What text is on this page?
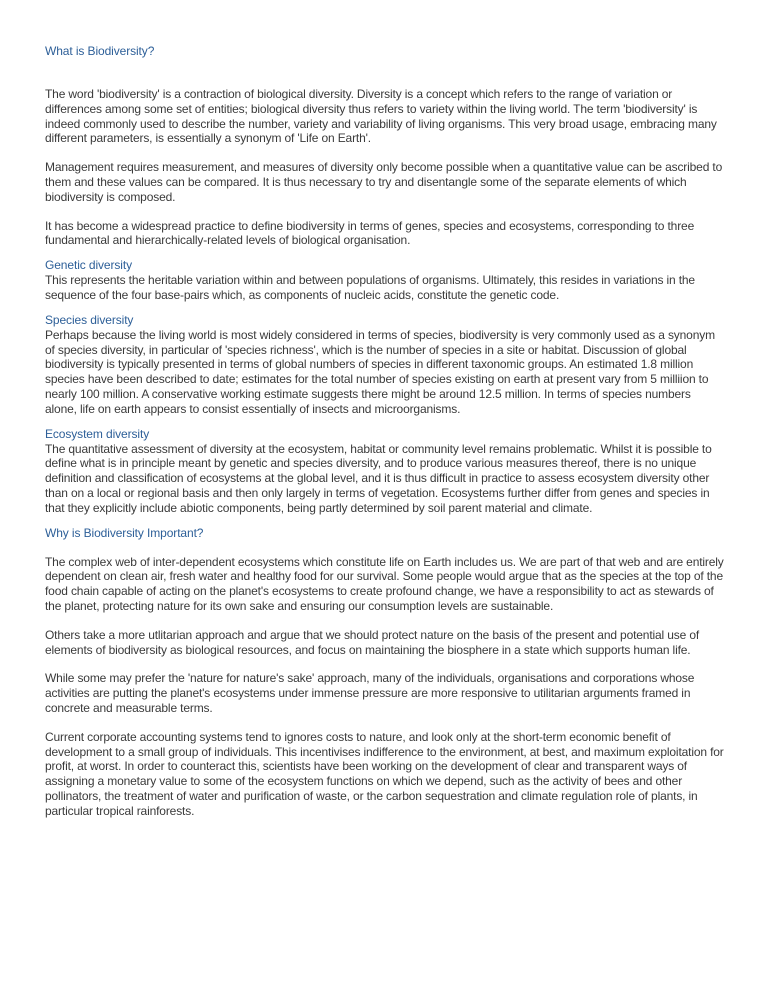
What is Biodiversity?

The word 'biodiversity' is a contraction of biological diversity. Diversity is a concept which refers to the range of variation or differences among some set of entities; biological diversity thus refers to variety within the living world. The term 'biodiversity' is indeed commonly used to describe the number, variety and variability of living organisms. This very broad usage, embracing many different parameters, is essentially a synonym of 'Life on Earth'.

Management requires measurement, and measures of diversity only become possible when a quantitative value can be ascribed to them and these values can be compared. It is thus necessary to try and disentangle some of the separate elements of which biodiversity is composed.

It has become a widespread practice to define biodiversity in terms of genes, species and ecosystems, corresponding to three fundamental and hierarchically-related levels of biological organisation.

Genetic diversity

This represents the heritable variation within and between populations of organisms. Ultimately, this resides in variations in the sequence of the four base-pairs which, as components of nucleic acids, constitute the genetic code.

Species diversity

Perhaps because the living world is most widely considered in terms of species, biodiversity is very commonly used as a synonym of species diversity, in particular of 'species richness', which is the number of species in a site or habitat. Discussion of global biodiversity is typically presented in terms of global numbers of species in different taxonomic groups. An estimated 1.8 million species have been described to date; estimates for the total number of species existing on earth at present vary from 5 milliion to nearly 100 million. A conservative working estimate suggests there might be around 12.5 million. In terms of species numbers alone, life on earth appears to consist essentially of insects and microorganisms.

Ecosystem diversity

The quantitative assessment of diversity at the ecosystem, habitat or community level remains problematic. Whilst it is possible to define what is in principle meant by genetic and species diversity, and to produce various measures thereof, there is no unique definition and classification of ecosystems at the global level, and it is thus difficult in practice to assess ecosystem diversity other than on a local or regional basis and then only largely in terms of vegetation. Ecosystems further differ from genes and species in that they explicitly include abiotic components, being partly determined by soil parent material and climate.

Why is Biodiversity Important?

The complex web of inter-dependent ecosystems which constitute life on Earth includes us. We are part of that web and are entirely dependent on clean air, fresh water and healthy food for our survival. Some people would argue that as the species at the top of the food chain capable of acting on the planet's ecosystems to create profound change, we have a responsibility to act as stewards of the planet, protecting nature for its own sake and ensuring our consumption levels are sustainable.

Others take a more utlitarian approach and argue that we should protect nature on the basis of the present and potential use of elements of biodiversity as biological resources, and focus on maintaining the biosphere in a state which supports human life.

While some may prefer the 'nature for nature's sake' approach, many of the individuals, organisations and corporations whose activities are putting the planet's ecosystems under immense pressure are more responsive to utilitarian arguments framed in concrete and measurable terms.

Current corporate accounting systems tend to ignores costs to nature, and look only at the short-term economic benefit of development to a small group of individuals. This incentivises indifference to the environment, at best, and maximum exploitation for profit, at worst. In order to counteract this, scientists have been working on the development of clear and transparent ways of assigning a monetary value to some of the ecosystem functions on which we depend, such as the activity of bees and other pollinators, the treatment of water and purification of waste, or the carbon sequestration and climate regulation role of plants, in particular tropical rainforests.
